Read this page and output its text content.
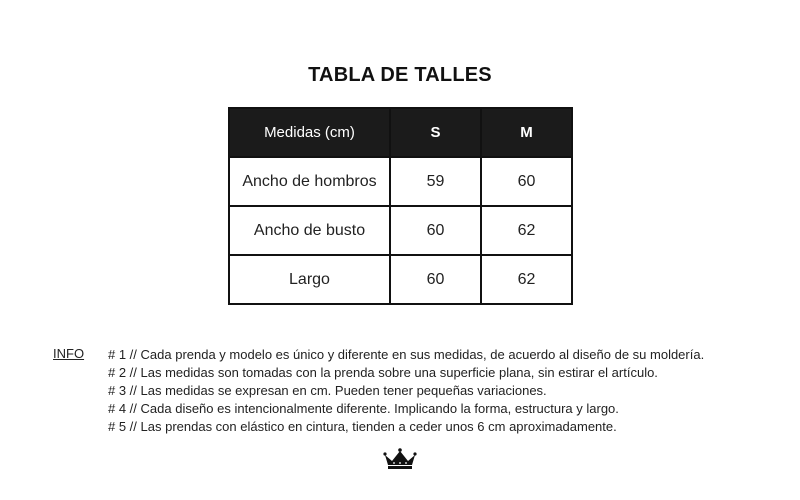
TABLA DE TALLES
Medidas (cm)	S	M
Ancho de hombros	59	60
Ancho de busto	60	62
Largo	60	62
INFO # 1 // Cada prenda y modelo es único y diferente en sus medidas, de acuerdo al diseño de su moldería.
# 2 // Las medidas son tomadas con la prenda sobre una superficie plana, sin estirar el artículo.
# 3 // Las medidas se expresan en cm. Pueden tener pequeñas variaciones.
# 4 // Cada diseño es intencionalmente diferente. Implicando la forma, estructura y largo.
# 5 // Las prendas con elástico en cintura, tienden a ceder unos 6 cm aproximadamente.
